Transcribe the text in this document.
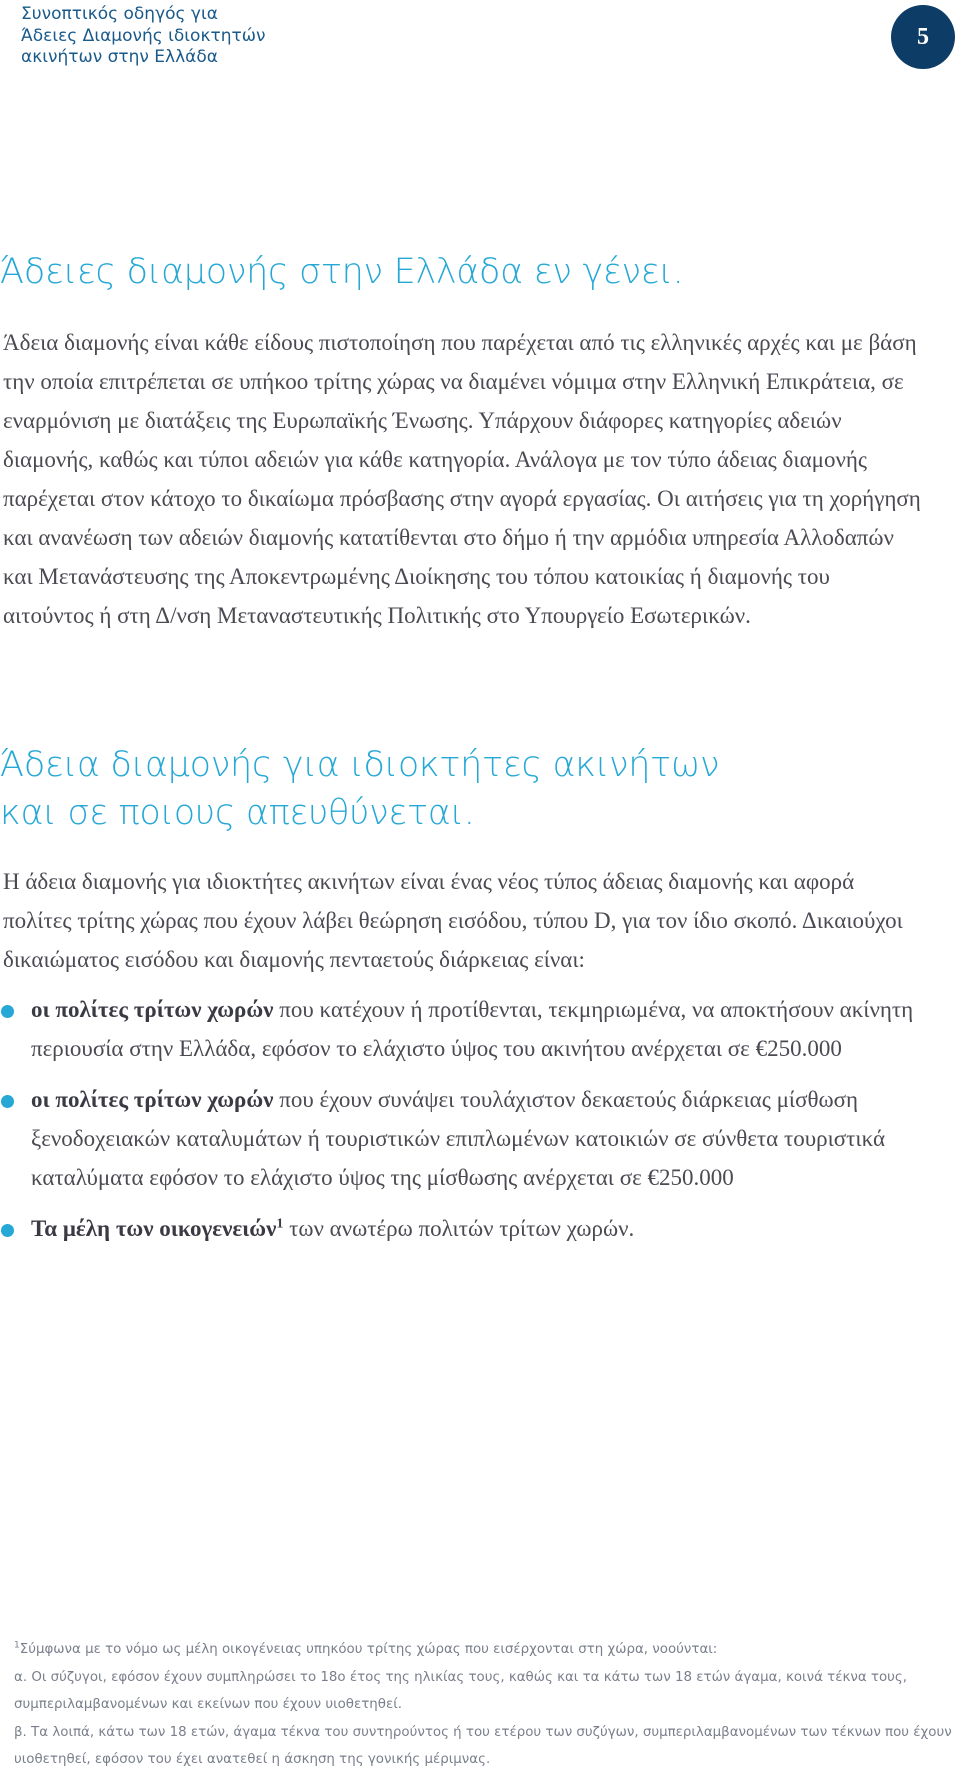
Συνοπτικός οδηγός για
Άδειες Διαμονής ιδιοκτητών
ακινήτων στην Ελλάδα
5
Άδειες διαμονής στην Ελλάδα εν γένει.
Άδεια διαμονής είναι κάθε είδους πιστοποίηση που παρέχεται από τις ελληνικές αρχές και με βάση την οποία επιτρέπεται σε υπήκοο τρίτης χώρας να διαμένει νόμιμα στην Ελληνική Επικράτεια, σε εναρμόνιση με διατάξεις της Ευρωπαϊκής Ένωσης. Υπάρχουν διάφορες κατηγορίες αδειών διαμονής, καθώς και τύποι αδειών για κάθε κατηγορία. Ανάλογα με τον τύπο άδειας διαμονής παρέχεται στον κάτοχο το δικαίωμα πρόσβασης στην αγορά εργασίας. Οι αιτήσεις για τη χορήγηση και ανανέωση των αδειών διαμονής κατατίθενται στο δήμο ή την αρμόδια υπηρεσία Αλλοδαπών και Μετανάστευσης της Αποκεντρωμένης Διοίκησης του τόπου κατοικίας ή διαμονής του αιτούντος ή στη Δ/νση Μεταναστευτικής Πολιτικής στο Υπουργείο Εσωτερικών.
Άδεια διαμονής για ιδιοκτήτες ακινήτων
και σε ποιους απευθύνεται.
Η άδεια διαμονής για ιδιοκτήτες ακινήτων είναι ένας νέος τύπος άδειας διαμονής και αφορά πολίτες τρίτης χώρας που έχουν λάβει θεώρηση εισόδου, τύπου D, για τον ίδιο σκοπό. Δικαιούχοι δικαιώματος εισόδου και διαμονής πενταετούς διάρκειας είναι:
οι πολίτες τρίτων χωρών που κατέχουν ή προτίθενται, τεκμηριωμένα, να αποκτήσουν ακίνητη περιουσία στην Ελλάδα, εφόσον το ελάχιστο ύψος του ακινήτου ανέρχεται σε €250.000
οι πολίτες τρίτων χωρών που έχουν συνάψει τουλάχιστον δεκαετούς διάρκειας μίσθωση ξενοδοχειακών καταλυμάτων ή τουριστικών επιπλωμένων κατοικιών σε σύνθετα τουριστικά καταλύματα εφόσον το ελάχιστο ύψος της μίσθωσης ανέρχεται σε €250.000
Τα μέλη των οικογενειών$^1$ των ανωτέρω πολιτών τρίτων χωρών.
$^1$Σύμφωνα με το νόμο ως μέλη οικογένειας υπηκόου τρίτης χώρας που εισέρχονται στη χώρα, νοούνται:
α. Οι σύζυγοι, εφόσον έχουν συμπληρώσει το 18ο έτος της ηλικίας τους, καθώς και τα κάτω των 18 ετών άγαμα, κοινά τέκνα τους, συμπεριλαμβανομένων και εκείνων που έχουν υιοθετηθεί.
β. Τα λοιπά, κάτω των 18 ετών, άγαμα τέκνα του συντηρούντος ή του ετέρου των συζύγων, συμπεριλαμβανομένων των τέκνων που έχουν υιοθετηθεί, εφόσον του έχει ανατεθεί η άσκηση της γονικής μέριμνας.
